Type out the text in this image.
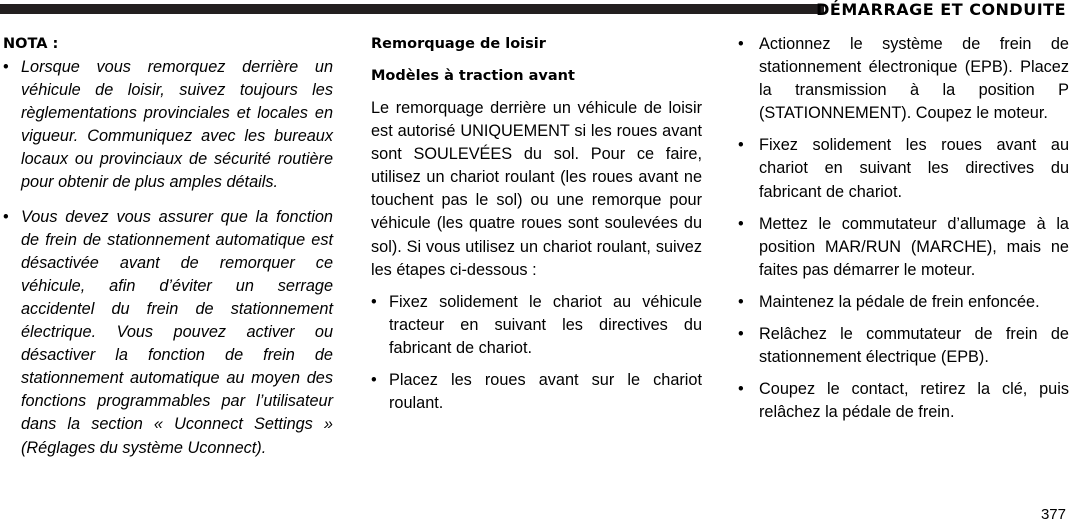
DÉMARRAGE ET CONDUITE

NOTA :

• Lorsque vous remorquez derrière un véhicule de loisir, suivez toujours les règlementations provinciales et locales en vigueur. Communiquez avec les bureaux locaux ou provinciaux de sécurité routière pour obtenir de plus amples détails.
• Vous devez vous assurer que la fonction de frein de stationnement automatique est désactivée avant de remorquer ce véhicule, afin d’éviter un serrage accidentel du frein de stationnement électrique. Vous pouvez activer ou désactiver la fonction de frein de stationnement automatique au moyen des fonctions programmables par l’utilisateur dans la section « Uconnect Settings » (Réglages du système Uconnect).

Remorquage de loisir

Modèles à traction avant

Le remorquage derrière un véhicule de loisir est autorisé UNIQUEMENT si les roues avant sont SOULEVÉES du sol. Pour ce faire, utilisez un chariot roulant (les roues avant ne touchent pas le sol) ou une remorque pour véhicule (les quatre roues sont soulevées du sol). Si vous utilisez un chariot roulant, suivez les étapes ci-dessous :

• Fixez solidement le chariot au véhicule tracteur en suivant les directives du fabricant de chariot.
• Placez les roues avant sur le chariot roulant.
• Actionnez le système de frein de stationnement électronique (EPB). Placez la transmission à la position P (STATIONNEMENT). Coupez le moteur.
• Fixez solidement les roues avant au chariot en suivant les directives du fabricant de chariot.
• Mettez le commutateur d’allumage à la position MAR/RUN (MARCHE), mais ne faites pas démarrer le moteur.
• Maintenez la pédale de frein enfoncée.
• Relâchez le commutateur de frein de stationnement électrique (EPB).
• Coupez le contact, retirez la clé, puis relâchez la pédale de frein.
377
